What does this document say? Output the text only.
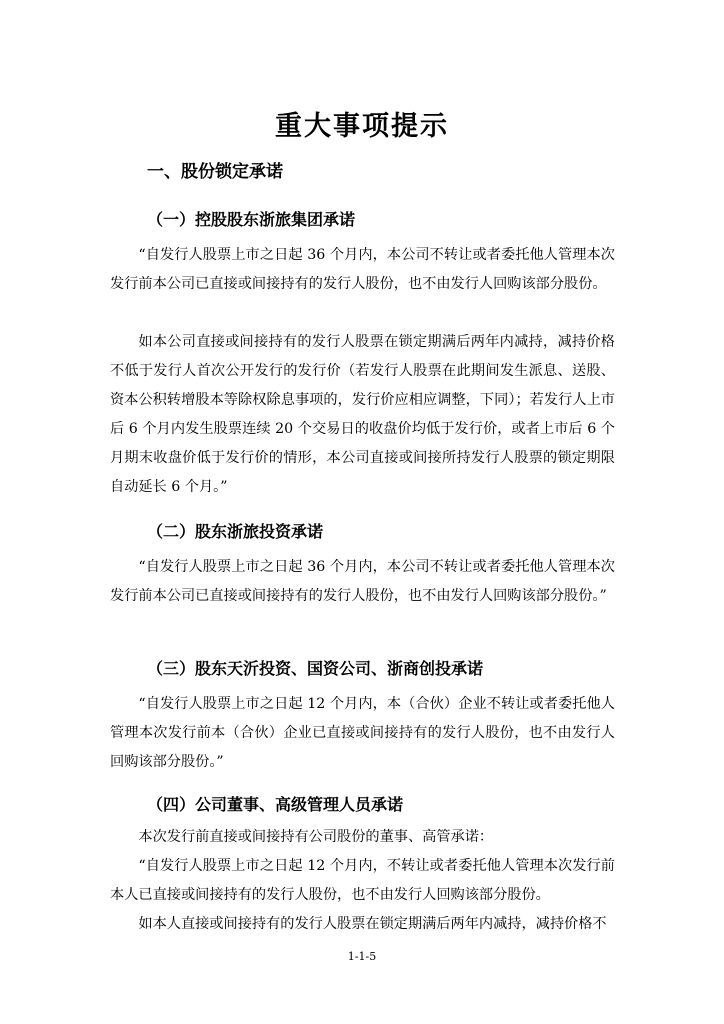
重大事项提示
一、股份锁定承诺
（一）控股股东浙旅集团承诺

“自发行人股票上市之日起 36 个月内，本公司不转让或者委托他人管理本次发行前本公司已直接或间接持有的发行人股份，也不由发行人回购该部分股份。

如本公司直接或间接持有的发行人股票在锁定期满后两年内减持，减持价格不低于发行人首次公开发行的发行价（若发行人股票在此期间发生派息、送股、资本公积转增股本等除权除息事项的，发行价应相应调整，下同）；若发行人上市后 6 个月内发生股票连续 20 个交易日的收盘价均低于发行价，或者上市后 6 个月期末收盘价低于发行价的情形，本公司直接或间接所持发行人股票的锁定期限自动延长 6 个月。”

（二）股东浙旅投资承诺

“自发行人股票上市之日起 36 个月内，本公司不转让或者委托他人管理本次发行前本公司已直接或间接持有的发行人股份，也不由发行人回购该部分股份。”

（三）股东天沂投资、国资公司、浙商创投承诺

“自发行人股票上市之日起 12 个月内，本（合伙）企业不转让或者委托他人管理本次发行前本（合伙）企业已直接或间接持有的发行人股份，也不由发行人回购该部分股份。”

（四）公司董事、高级管理人员承诺

本次发行前直接或间接持有公司股份的董事、高管承诺：

“自发行人股票上市之日起 12 个月内，不转让或者委托他人管理本次发行前本人已直接或间接持有的发行人股份，也不由发行人回购该部分股份。

如本人直接或间接持有的发行人股票在锁定期满后两年内减持，减持价格不

1-1-5
